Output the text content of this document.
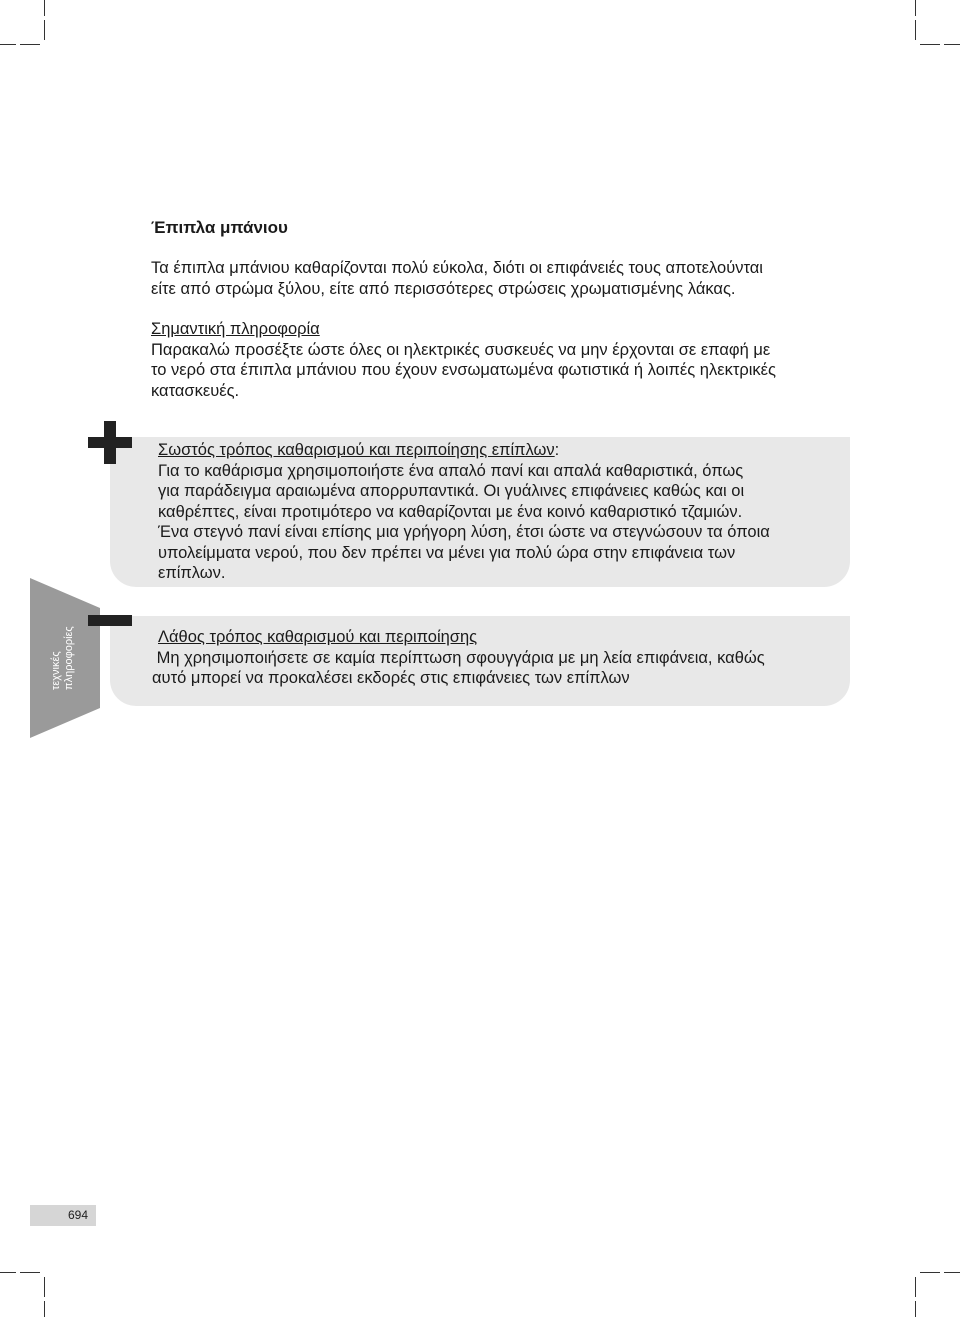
Έπιπλα μπάνιου

Τα έπιπλα μπάνιου καθαρίζονται πολύ εύκολα, διότι οι επιφάνειές τους αποτελούνται
είτε από στρώμα ξύλου, είτε από περισσότερες στρώσεις χρωματισμένης λάκας.

Σημαντική πληροφορία
Παρακαλώ προσέξτε ώστε όλες οι ηλεκτρικές συσκευές να μην έρχονται σε επαφή με
το νερό στα έπιπλα μπάνιου που έχουν ενσωματωμένα φωτιστικά ή λοιπές ηλεκτρικές
κατασκευές.

Σωστός τρόπος καθαρισμού και περιποίησης επίπλων:
Για το καθάρισμα χρησιμοποιήστε ένα απαλό πανί και απαλά καθαριστικά, όπως
για παράδειγμα αραιωμένα απορρυπαντικά. Οι γυάλινες επιφάνειες καθώς και οι
καθρέπτες, είναι προτιμότερο να καθαρίζονται με ένα κοινό καθαριστικό τζαμιών.
Ένα στεγνό πανί είναι επίσης μια γρήγορη λύση, έτσι ώστε να στεγνώσουν τα όποια
υπολείμματα νερού, που δεν πρέπει να μένει για πολύ ώρα στην επιφάνεια των
επίπλων.
τεχνικές πληροφορίες	Λάθος τρόπος καθαρισμού και περιποίησης
Μη χρησιμοποιήσετε σε καμία περίπτωση σφουγγάρια με μη λεία επιφάνεια, καθώς
αυτό μπορεί να προκαλέσει εκδορές στις επιφάνειες των επίπλων
694
